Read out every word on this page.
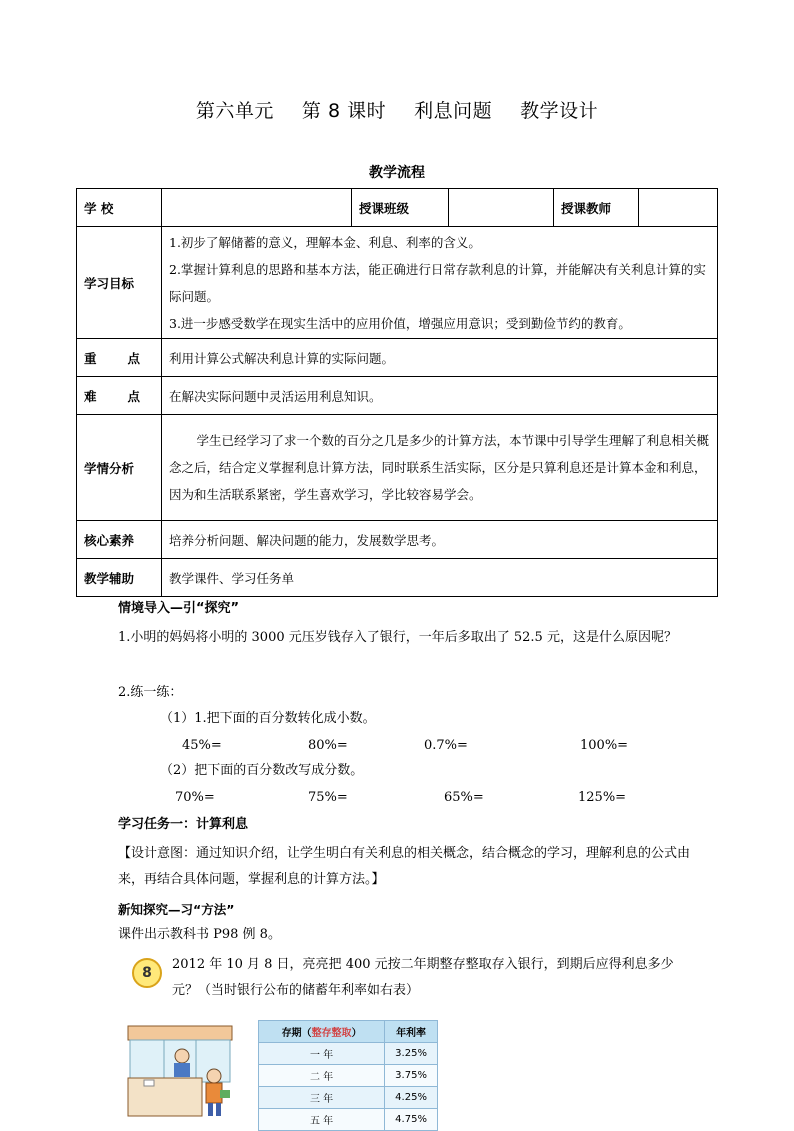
第六单元 第 8 课时 利息问题 教学设计
教学流程
学 校		授课班级		授课教师	
学习目标	1.初步了解储蓄的意义，理解本金、利息、利率的含义。

2.掌握计算利息的思路和基本方法，能正确进行日常存款利息的计算，并能解决有关利息计算的实际问题。

3.进一步感受数学在现实生活中的应用价值，增强应用意识；受到勤俭节约的教育。				

重 点	利用计算公式解决利息计算的实际问题。				

难 点	在解决实际问题中灵活运用利息知识。				
学情分析	学生已经学习了求一个数的百分之几是多少的计算方法，本节课中引导学生理解了利息相关概念之后，结合定义掌握利息计算方法，同时联系生活实际，区分是只算利息还是计算本金和利息，因为和生活联系紧密，学生喜欢学习，学比较容易学会。				

核心素养	培养分析问题、解决问题的能力，发展数学思考。				
教学辅助	教学课件、学习任务单				
情境导入—引“探究”
1.小明的妈妈将小明的 3000 元压岁钱存入了银行，一年后多取出了 52.5 元，这是什么原因呢？
2.练一练：
（1）1.把下面的百分数转化成小数。
45%=	80%=	0.7%=	100%=
（2）把下面的百分数改写成分数。
70%=	75%=	65%=	125%=
学习任务一：计算利息
【设计意图：通过知识介绍，让学生明白有关利息的相关概念，结合概念的学习，理解利息的公式由来，再结合具体问题，掌握利息的计算方法。】
新知探究—习“方法”
课件出示教科书 P98 例 8。
8
2012 年 10 月 8 日，亮亮把 400 元按二年期整存整取存入银行，到期后应得利息多少元？（当时银行公布的储蓄年利率如右表）
存期（整存整取）	年利率
一 年	3.25%
二 年	3.75%
三 年	4.25%
五 年	4.75%
